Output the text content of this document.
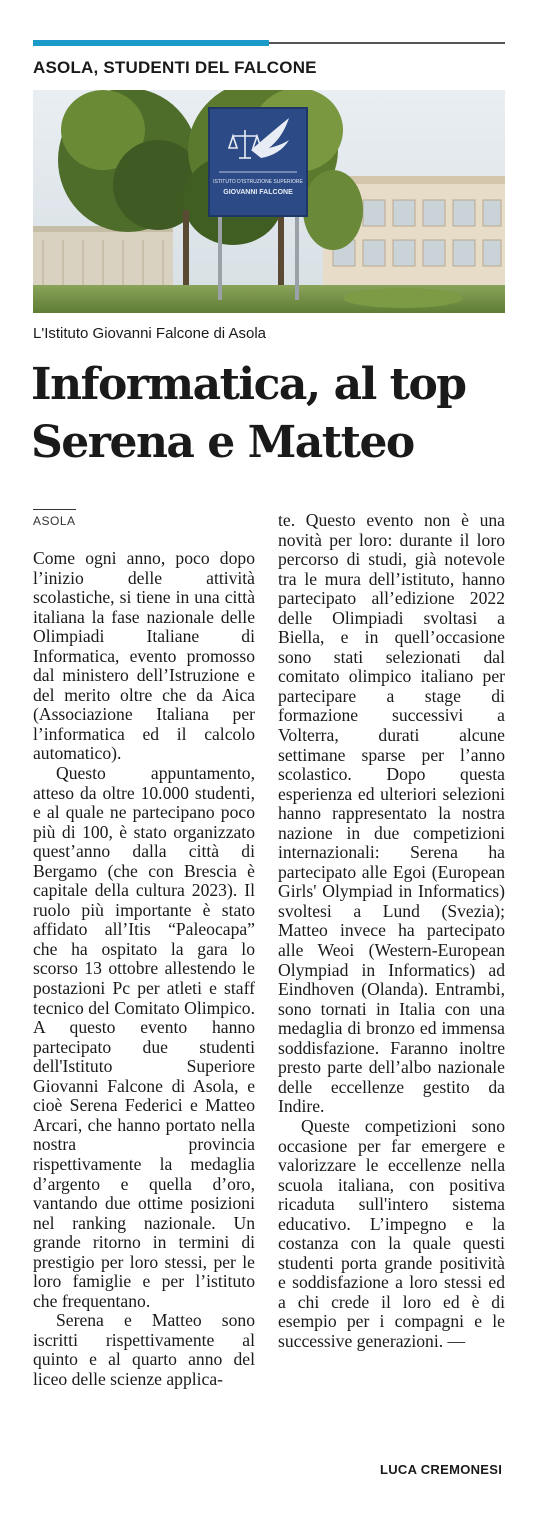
ASOLA, STUDENTI DEL FALCONE
ISTITUTO D'ISTRUZIONE SUPERIORE
GIOVANNI FALCONE
L'Istituto Giovanni Falcone di Asola
Informatica, al top
Serena e Matteo
ASOLA

Come ogni anno, poco dopo l’inizio delle attività scolastiche, si tiene in una città italiana la fase nazionale delle Olimpiadi Italiane di Informatica, evento promosso dal ministero dell’Istruzione e del merito oltre che da Aica (Associazione Italiana per l’informatica ed il calcolo automatico).

Questo appuntamento, atteso da oltre 10.000 studenti, e al quale ne partecipano poco più di 100, è stato organizzato quest’anno dalla città di Bergamo (che con Brescia è capitale della cultura 2023). Il ruolo più importante è stato affidato all’Itis “Paleocapa” che ha ospitato la gara lo scorso 13 ottobre allestendo le postazioni Pc per atleti e staff tecnico del Comitato Olimpico. A questo evento hanno partecipato due studenti dell'Istituto Superiore Giovanni Falcone di Asola, e cioè Serena Federici e Matteo Arcari, che hanno portato nella nostra provincia rispettivamente la medaglia d’argento e quella d’oro, vantando due ottime posizioni nel ranking nazionale. Un grande ritorno in termini di prestigio per loro stessi, per le loro famiglie e per l’istituto che frequentano.

Serena e Matteo sono iscritti rispettivamente al quinto e al quarto anno del liceo delle scienze applica-

te. Questo evento non è una novità per loro: durante il loro percorso di studi, già notevole tra le mura dell’istituto, hanno partecipato all’edizione 2022 delle Olimpiadi svoltasi a Biella, e in quell’occasione sono stati selezionati dal comitato olimpico italiano per partecipare a stage di formazione successivi a Volterra, durati alcune settimane sparse per l’anno scolastico. Dopo questa esperienza ed ulteriori selezioni hanno rappresentato la nostra nazione in due competizioni internazionali: Serena ha partecipato alle Egoi (European Girls' Olympiad in Informatics) svoltesi a Lund (Svezia); Matteo invece ha partecipato alle Weoi (Western-European Olympiad in Informatics) ad Eindhoven (Olanda). Entrambi, sono tornati in Italia con una medaglia di bronzo ed immensa soddisfazione. Faranno inoltre presto parte dell’albo nazionale delle eccellenze gestito da Indire.

Queste competizioni sono occasione per far emergere e valorizzare le eccellenze nella scuola italiana, con positiva ricaduta sull'intero sistema educativo. L’impegno e la costanza con la quale questi studenti porta grande positività e soddisfazione a loro stessi ed a chi crede il loro ed è di esempio per i compagni e le successive generazioni. —

LUCA CREMONESI
